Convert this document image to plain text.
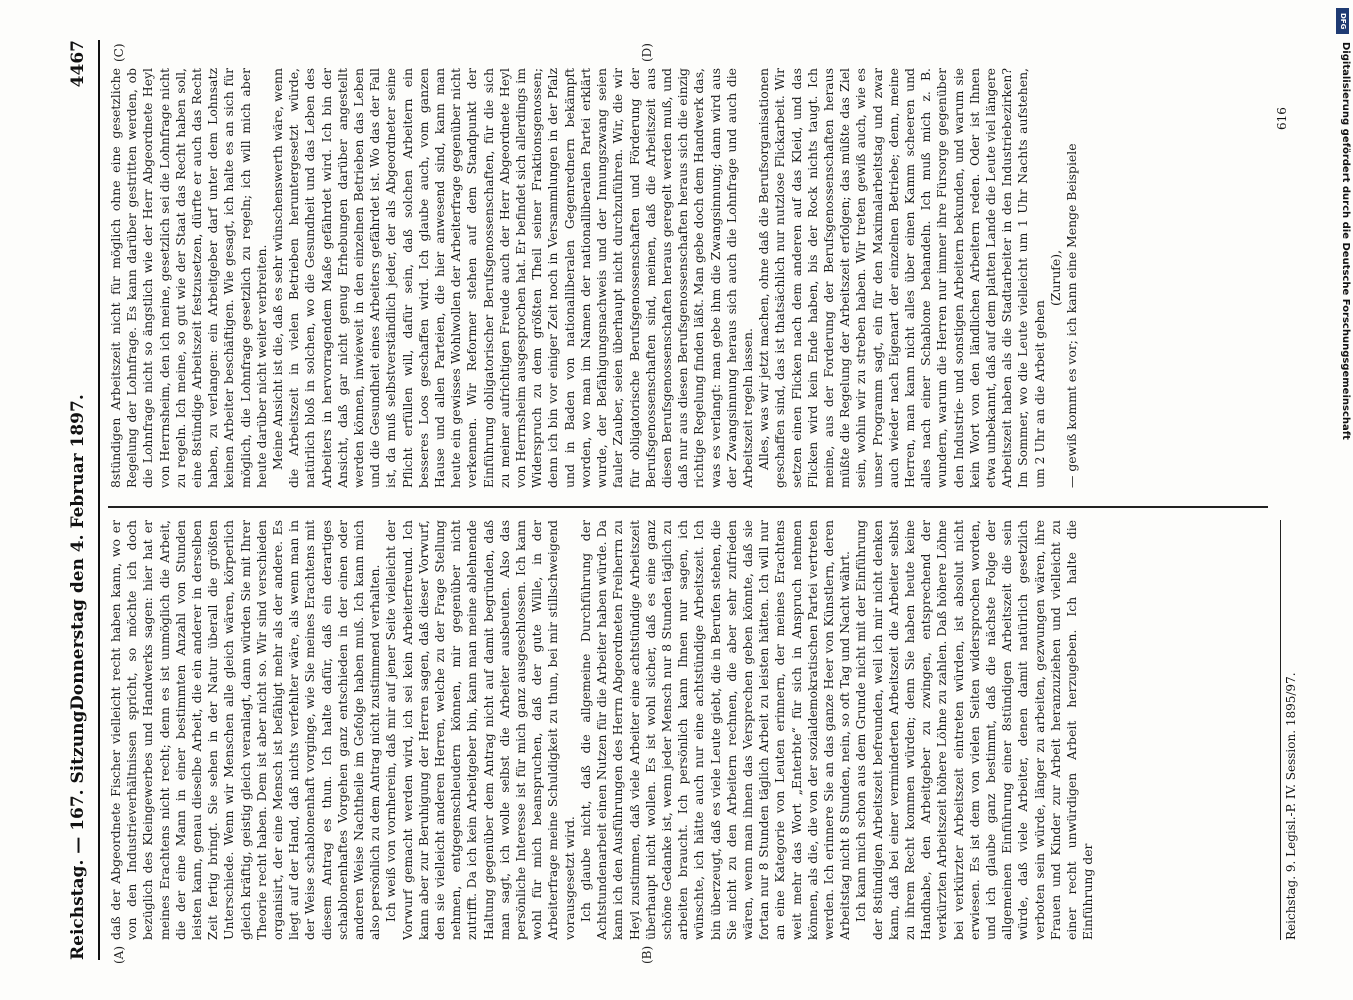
Reichstag. — 167. Sitzung.
Donnerstag den 4. Februar 1897.
4467
(A)	(B)
(C)	(D)

daß der Abgeordnete Fischer vielleicht recht haben kann, wo er von den Industrieverhältnissen spricht, so möchte ich doch bezüglich des Kleingewerbes und Handwerks sagen: hier hat er meines Erachtens nicht recht; denn es ist unmöglich die Arbeit, die der eine Mann in einer bestimmten Anzahl von Stunden leisten kann, genau dieselbe Arbeit, die ein anderer in derselben Zeit fertig bringt. Sie sehen in der Natur überall die größten Unterschiede. Wenn wir Menschen alle gleich wären, körperlich gleich kräftig, geistig gleich veranlagt, dann würden Sie mit Ihrer Theorie recht haben. Dem ist aber nicht so. Wir sind verschieden organisirt, der eine Mensch ist befähigt mehr als der andere. Es liegt auf der Hand, daß nichts verfehlter wäre, als wenn man in der Weise schablonenhaft vorginge, wie Sie meines Erachtens mit diesem Antrag es thun. Ich halte dafür, daß ein derartiges schablonenhaftes Vorgehen ganz entschieden in der einen oder anderen Weise Nachtheile im Gefolge haben muß. Ich kann mich also persönlich zu dem Antrag nicht zustimmend verhalten. Ich weiß von vornherein, daß mir auf jener Seite vielleicht der Vorwurf gemacht werden wird, ich sei kein Arbeiterfreund. Ich kann aber zur Beruhigung der Herren sagen, daß dieser Vorwurf, den sie vielleicht anderen Herren, welche zu der Frage Stellung nehmen, entgegenschleudern können, mir gegenüber nicht zutrifft. Da ich kein Arbeitgeber bin, kann man meine ablehnende Haltung gegenüber dem Antrag nicht auf damit begründen, daß man sagt, ich wolle selbst die Arbeiter ausbeuten. Also das persönliche Interesse ist für mich ganz ausgeschlossen. Ich kann wohl für mich beanspruchen, daß der gute Wille, in der Arbeiterfrage meine Schuldigkeit zu thun, bei mir stillschweigend vorausgesetzt wird. Ich glaube nicht, daß die allgemeine Durchführung der Achtstundenarbeit einen Nutzen für die Arbeiter haben würde. Da kann ich den Ausführungen des Herrn Abgeordneten Freiherrn zu Heyl zustimmen, daß viele Arbeiter eine achtstündige Arbeitszeit überhaupt nicht wollen. Es ist wohl sicher, daß es eine ganz schöne Gedanke ist, wenn jeder Mensch nur 8 Stunden täglich zu arbeiten braucht. Ich persönlich kann Ihnen nur sagen, ich wünschte, ich hätte auch nur eine achtstündige Arbeitszeit. Ich bin überzeugt, daß es viele Leute giebt, die in Berufen stehen, die Sie nicht zu den Arbeitern rechnen, die aber sehr zufrieden wären, wenn man ihnen das Versprechen geben könnte, daß sie fortan nur 8 Stunden täglich Arbeit zu leisten hätten. Ich will nur an eine Kategorie von Leuten erinnern, der meines Erachtens weit mehr das Wort „Enterbte“ für sich in Anspruch nehmen können, als die, die von der sozialdemokratischen Partei vertreten werden. Ich erinnere Sie an das ganze Heer von Künstlern, deren Arbeitstag nicht 8 Stunden, nein, so oft Tag und Nacht währt. Ich kann mich schon aus dem Grunde nicht mit der Einführung der 8stündigen Arbeitszeit befreunden, weil ich mir nicht denken kann, daß bei einer verminderten Arbeitszeit die Arbeiter selbst zu ihrem Recht kommen würden; denn Sie haben heute keine Handhabe, den Arbeitgeber zu zwingen, entsprechend der verkürzten Arbeitszeit höhere Löhne zu zahlen. Daß höhere Löhne bei verkürzter Arbeitszeit eintreten würden, ist absolut nicht erwiesen. Es ist dem von vielen Seiten widersprochen worden, und ich glaube ganz bestimmt, daß die nächste Folge der allgemeinen Einführung einer 8stündigen Arbeitszeit die sein würde, daß viele Arbeiter, denen damit natürlich gesetzlich verboten sein würde, länger zu arbeiten, gezwungen wären, ihre Frauen und Kinder zur Arbeit heranzuziehen und vielleicht zu einer recht unwürdigen Arbeit herzugeben. Ich halte die Einführung der

8stündigen Arbeitszeit nicht für möglich ohne eine gesetzliche Regelung der Lohnfrage. Es kann darüber gestritten werden, ob die Lohnfrage nicht so ängstlich wie der Herr Abgeordnete Heyl von Herrnsheim, den ich meine, gesetzlich sei die Lohnfrage nicht zu regeln. Ich meine, so gut wie der Staat das Recht haben soll, eine 8stündige Arbeitszeit festzusetzen, dürfte er auch das Recht haben, zu verlangen: ein Arbeitgeber darf unter dem Lohnsatz keinen Arbeiter beschäftigen. Wie gesagt, ich halte es an sich für möglich, die Lohnfrage gesetzlich zu regeln; ich will mich aber heute darüber nicht weiter verbreiten. Meine Ansicht ist die, daß es sehr wünschenswerth wäre, wenn die Arbeitszeit in vielen Betrieben heruntergesetzt würde, natürlich bloß in solchen, wo die Gesundheit und das Leben des Arbeiters in hervorragendem Maße gefährdet wird. Ich bin der Ansicht, daß gar nicht genug Erhebungen darüber angestellt werden können, inwieweit in den einzelnen Betrieben das Leben und die Gesundheit eines Arbeiters gefährdet ist. Wo das der Fall ist, da muß selbstverständlich jeder, der als Abgeordneter seine Pflicht erfüllen will, dafür sein, daß solchen Arbeitern ein besseres Loos geschaffen wird. Ich glaube auch, vom ganzen Hause und allen Parteien, die hier anwesend sind, kann man heute ein gewisses Wohlwollen der Arbeiterfrage gegenüber nicht verkennen. Wir Reformer stehen auf dem Standpunkt der Einführung obligatorischer Berufsgenossenschaften, für die sich zu meiner aufrichtigen Freude auch der Herr Abgeordnete Heyl von Herrnsheim ausgesprochen hat. Er befindet sich allerdings im Widerspruch zu dem größten Theil seiner Fraktionsgenossen; denn ich bin vor einiger Zeit noch in Versammlungen in der Pfalz und in Baden von nationalliberalen Gegenrednern bekämpft worden, wo man im Namen der nationalliberalen Partei erklärt wurde, der Befähigungsnachweis und der Innungszwang seien fauler Zauber, seien überhaupt nicht durchzuführen. Wir, die wir für obligatorische Berufsgenossenschaften und Förderung der Berufsgenossenschaften sind, meinen, daß die Arbeitszeit aus diesen Berufsgenossenschaften heraus geregelt werden muß, und daß nur aus diesen Berufsgenossenschaften heraus sich die einzig richtige Regelung finden läßt. Man gebe doch dem Handwerk das, was es verlangt: man gebe ihm die Zwangsinnung; dann wird aus der Zwangsinnung heraus sich auch die Lohnfrage und auch die Arbeitszeit regeln lassen. Alles, was wir jetzt machen, ohne daß die Berufsorganisationen geschaffen sind, das ist thatsächlich nur nutzlose Flickarbeit. Wir setzen einen Flicken nach dem anderen auf das Kleid, und das Flicken wird kein Ende haben, bis der Rock nichts taugt. Ich meine, aus der Forderung der Berufsgenossenschaften heraus müßte die Regelung der Arbeitszeit erfolgen; das müßte das Ziel sein, wohin wir zu streben haben. Wir treten gewiß auch, wie es unser Programm sagt, ein für den Maximalarbeitstag und zwar auch wieder nach Eigenart der einzelnen Betriebe; denn, meine Herren, man kann nicht alles über einen Kamm scheeren und alles nach einer Schablone behandeln. Ich muß mich z. B. wundern, warum die Herren nur immer ihre Fürsorge gegenüber den Industrie- und sonstigen Arbeitern bekunden, und warum sie kein Wort von den ländlichen Arbeitern reden. Oder ist Ihnen etwa unbekannt, daß auf dem platten Lande die Leute viel längere Arbeitszeit haben als die Stadtarbeiter in den Industriebezirken? Im Sommer, wo die Leute vielleicht um 1 Uhr Nachts aufstehen, um 2 Uhr an die Arbeit gehen

(Zurufe), — gewiß kommt es vor; ich kann eine Menge Beispiele

Reichstag. 9. Legisl.-P. IV. Session. 1895/97.
616
DFG
Digitalisierung gefördert durch die Deutsche Forschungsgemeinschaft
